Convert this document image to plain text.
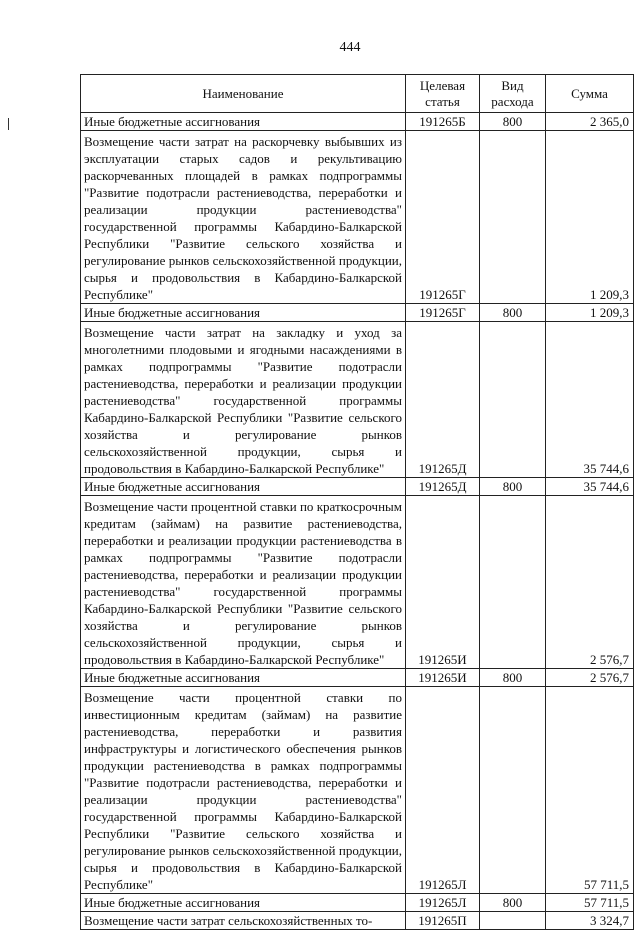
444
Наименование	Целевая статья	Вид расхода	Сумма
Иные бюджетные ассигнования	191265Б	800	2 365,0
Возмещение части затрат на раскорчевку выбывших из эксплуатации старых садов и рекультивацию раскорчеванных площадей в рамках подпрограммы "Развитие подотрасли растениеводства, переработки и реализации продукции растениеводства" государственной программы Кабардино-Балкарской Республики "Развитие сельского хозяйства и регулирование рынков сельскохозяйственной продукции, сырья и продовольствия в Кабардино-Балкарской Республике"	191265Г		1 209,3
Иные бюджетные ассигнования	191265Г	800	1 209,3
Возмещение части затрат на закладку и уход за многолетними плодовыми и ягодными насаждениями в рамках подпрограммы "Развитие подотрасли растениеводства, переработки и реализации продукции растениеводства" государственной программы Кабардино-Балкарской Республики "Развитие сельского хозяйства и регулирование рынков сельскохозяйственной продукции, сырья и продовольствия в Кабардино-Балкарской Республике"	191265Д		35 744,6
Иные бюджетные ассигнования	191265Д	800	35 744,6
Возмещение части процентной ставки по краткосрочным кредитам (займам) на развитие растениеводства, переработки и реализации продукции растениеводства в рамках подпрограммы "Развитие подотрасли растениеводства, переработки и реализации продукции растениеводства" государственной программы Кабардино-Балкарской Республики "Развитие сельского хозяйства и регулирование рынков сельскохозяйственной продукции, сырья и продовольствия в Кабардино-Балкарской Республике"	191265И		2 576,7
Иные бюджетные ассигнования	191265И	800	2 576,7
Возмещение части процентной ставки по инвестиционным кредитам (займам) на развитие растениеводства, переработки и развития инфраструктуры и логистического обеспечения рынков продукции растениеводства в рамках подпрограммы "Развитие подотрасли растениеводства, переработки и реализации продукции растениеводства" государственной программы Кабардино-Балкарской Республики "Развитие сельского хозяйства и регулирование рынков сельскохозяйственной продукции, сырья и продовольствия в Кабардино-Балкарской Республике"	191265Л		57 711,5
Иные бюджетные ассигнования	191265Л	800	57 711,5
Возмещение части затрат сельскохозяйственных то-	191265П		3 324,7
